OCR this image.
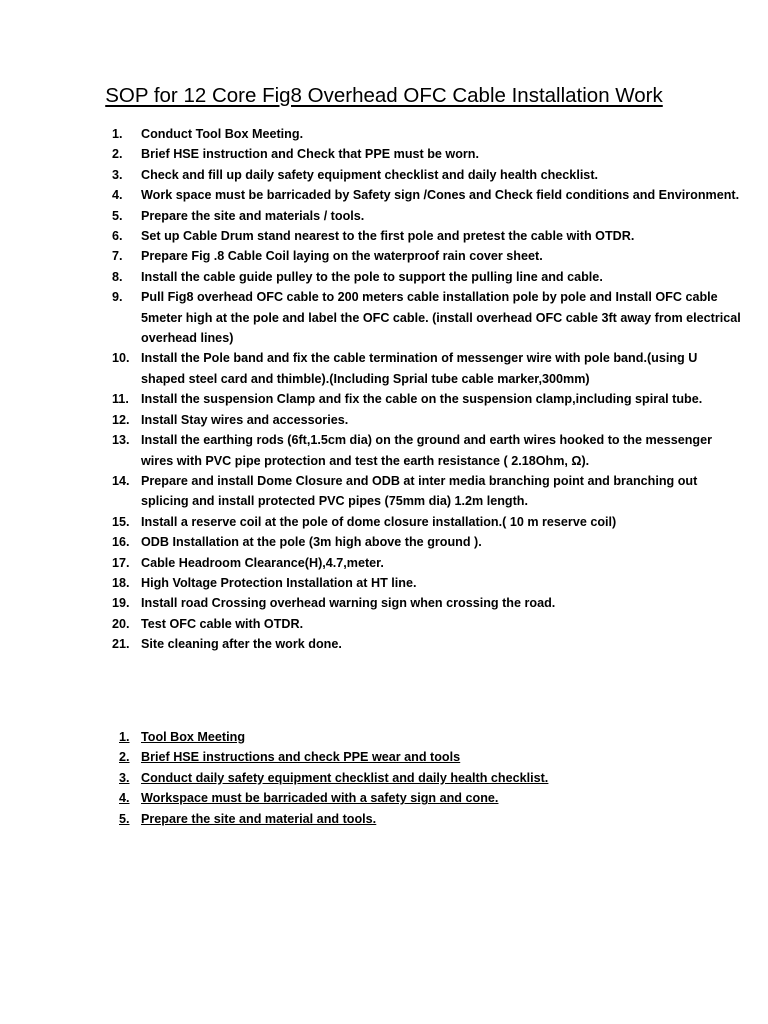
SOP for 12 Core Fig8 Overhead OFC Cable Installation Work
1.	Conduct Tool Box Meeting.
2.	Brief HSE instruction and Check that PPE must be worn.
3.	Check and fill up daily safety equipment checklist and daily health checklist.
4.	Work space must be barricaded by Safety sign /Cones and Check field conditions and Environment.
5.	Prepare the site and materials / tools.
6.	Set up Cable Drum stand nearest to the first pole and pretest the cable with OTDR.
7.	Prepare Fig .8 Cable Coil laying on the waterproof rain cover sheet.
8.	Install the cable guide pulley to the pole to support the pulling line and cable.
9.	Pull Fig8 overhead OFC cable to 200 meters cable installation pole by pole and Install OFC cable 5meter high at the pole and label the OFC cable. (install overhead OFC cable 3ft away from electrical overhead lines)
10. Install the Pole band and fix the cable termination of messenger wire with pole band.(using U shaped steel card and thimble).(Including Sprial tube cable marker,300mm)
11. Install the suspension Clamp and fix the cable on the suspension clamp,including spiral tube.
12. Install Stay wires and accessories.
13. Install the earthing rods (6ft,1.5cm dia) on the ground and earth wires hooked to the messenger wires with PVC pipe protection and test the earth resistance ( 2.18Ohm, Ω).
14. Prepare and install Dome Closure and ODB at inter media branching point and branching out splicing and install protected PVC pipes (75mm dia) 1.2m length.
15. Install a reserve coil at the pole of dome closure installation.( 10 m reserve coil)
16. ODB Installation at the pole (3m high above the ground ).
17. Cable Headroom Clearance(H),4.7,meter.
18. High Voltage Protection Installation at HT line.
19. Install road Crossing overhead warning sign when crossing the road.
20. Test OFC cable with OTDR.
21. Site cleaning after the work done.
1. Tool Box Meeting
2. Brief HSE instructions and check PPE wear and tools
3. Conduct daily safety equipment checklist and daily health checklist.
4. Workspace must be barricaded with a safety sign and cone.
5. Prepare the site and material and tools.
